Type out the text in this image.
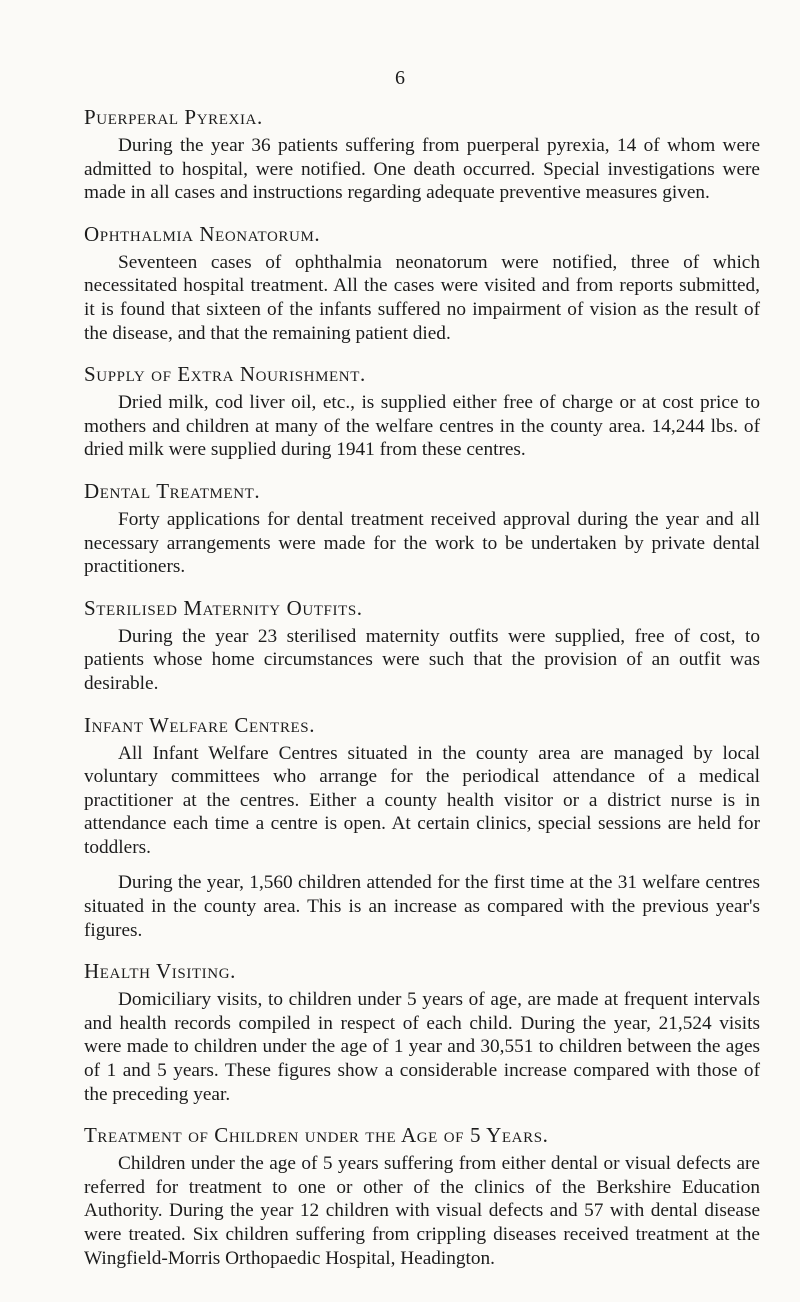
6
Puerperal Pyrexia.

During the year 36 patients suffering from puerperal pyrexia, 14 of whom were admitted to hospital, were notified. One death occurred. Special investigations were made in all cases and instructions regarding adequate preventive measures given.

Ophthalmia Neonatorum.

Seventeen cases of ophthalmia neonatorum were notified, three of which necessitated hospital treatment. All the cases were visited and from reports submitted, it is found that sixteen of the infants suffered no impairment of vision as the result of the disease, and that the remaining patient died.

Supply of Extra Nourishment.

Dried milk, cod liver oil, etc., is supplied either free of charge or at cost price to mothers and children at many of the welfare centres in the county area. 14,244 lbs. of dried milk were supplied during 1941 from these centres.

Dental Treatment.

Forty applications for dental treatment received approval during the year and all necessary arrangements were made for the work to be undertaken by private dental practitioners.

Sterilised Maternity Outfits.

During the year 23 sterilised maternity outfits were supplied, free of cost, to patients whose home circumstances were such that the provision of an outfit was desirable.

Infant Welfare Centres.

All Infant Welfare Centres situated in the county area are managed by local voluntary committees who arrange for the periodical attendance of a medical practitioner at the centres. Either a county health visitor or a district nurse is in attendance each time a centre is open. At certain clinics, special sessions are held for toddlers.

During the year, 1,560 children attended for the first time at the 31 welfare centres situated in the county area. This is an increase as compared with the previous year's figures.

Health Visiting.

Domiciliary visits, to children under 5 years of age, are made at frequent intervals and health records compiled in respect of each child. During the year, 21,524 visits were made to children under the age of 1 year and 30,551 to children between the ages of 1 and 5 years. These figures show a considerable increase compared with those of the preceding year.

Treatment of Children under the Age of 5 Years.

Children under the age of 5 years suffering from either dental or visual defects are referred for treatment to one or other of the clinics of the Berkshire Education Authority. During the year 12 children with visual defects and 57 with dental disease were treated. Six children suffering from crippling diseases received treatment at the Wingfield-Morris Orthopaedic Hospital, Headington.
